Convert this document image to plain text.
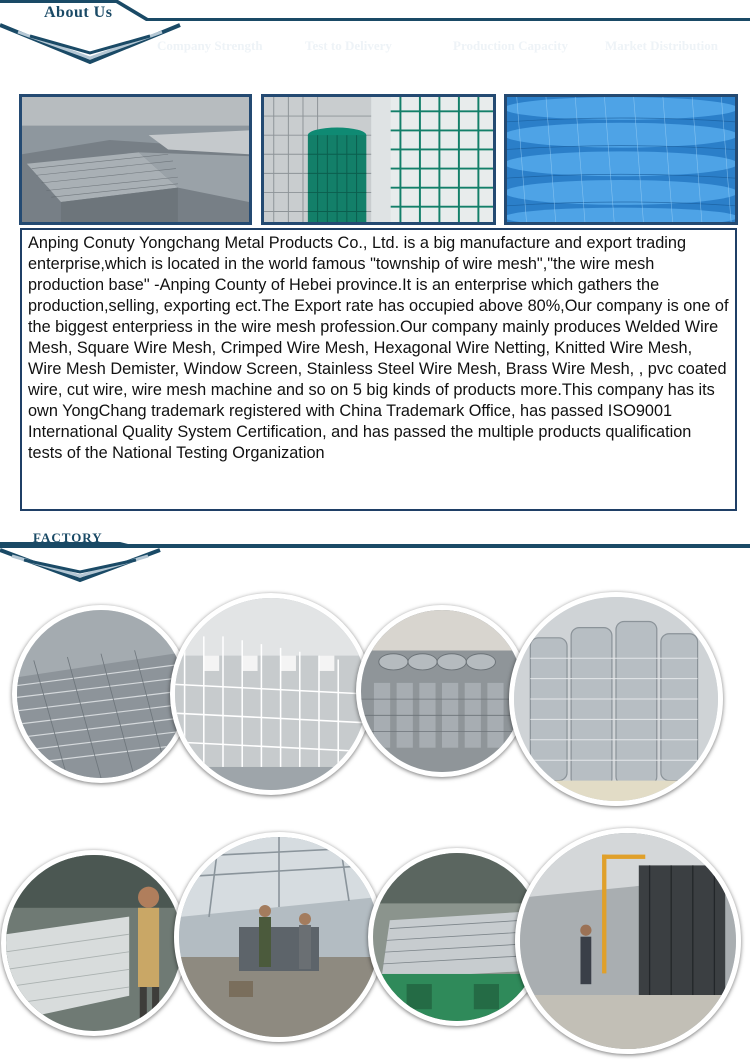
About Us
Company Strength	Test to Delivery	Production Capacity	Market Distribution

Anping Conuty Yongchang Metal Products Co., Ltd. is a big manufacture and export trading enterprise,which is located in the world famous "township of wire mesh","the wire mesh production base" -Anping County of Hebei province.It is an enterprise which gathers the production,selling, exporting ect.The Export rate has occupied above 80%,Our company is one of the biggest enterpriess in the wire mesh profession.Our company mainly produces Welded Wire Mesh, Square Wire Mesh, Crimped Wire Mesh, Hexagonal Wire Netting, Knitted Wire Mesh, Wire Mesh Demister, Window Screen, Stainless Steel Wire Mesh, Brass Wire Mesh, , pvc coated wire, cut wire, wire mesh machine and so on 5 big kinds of products more.This company has its own YongChang trademark registered with China Trademark Office, has passed ISO9001 International Quality System Certification, and has passed the multiple products qualification tests of the National Testing Organization

FACTORY
